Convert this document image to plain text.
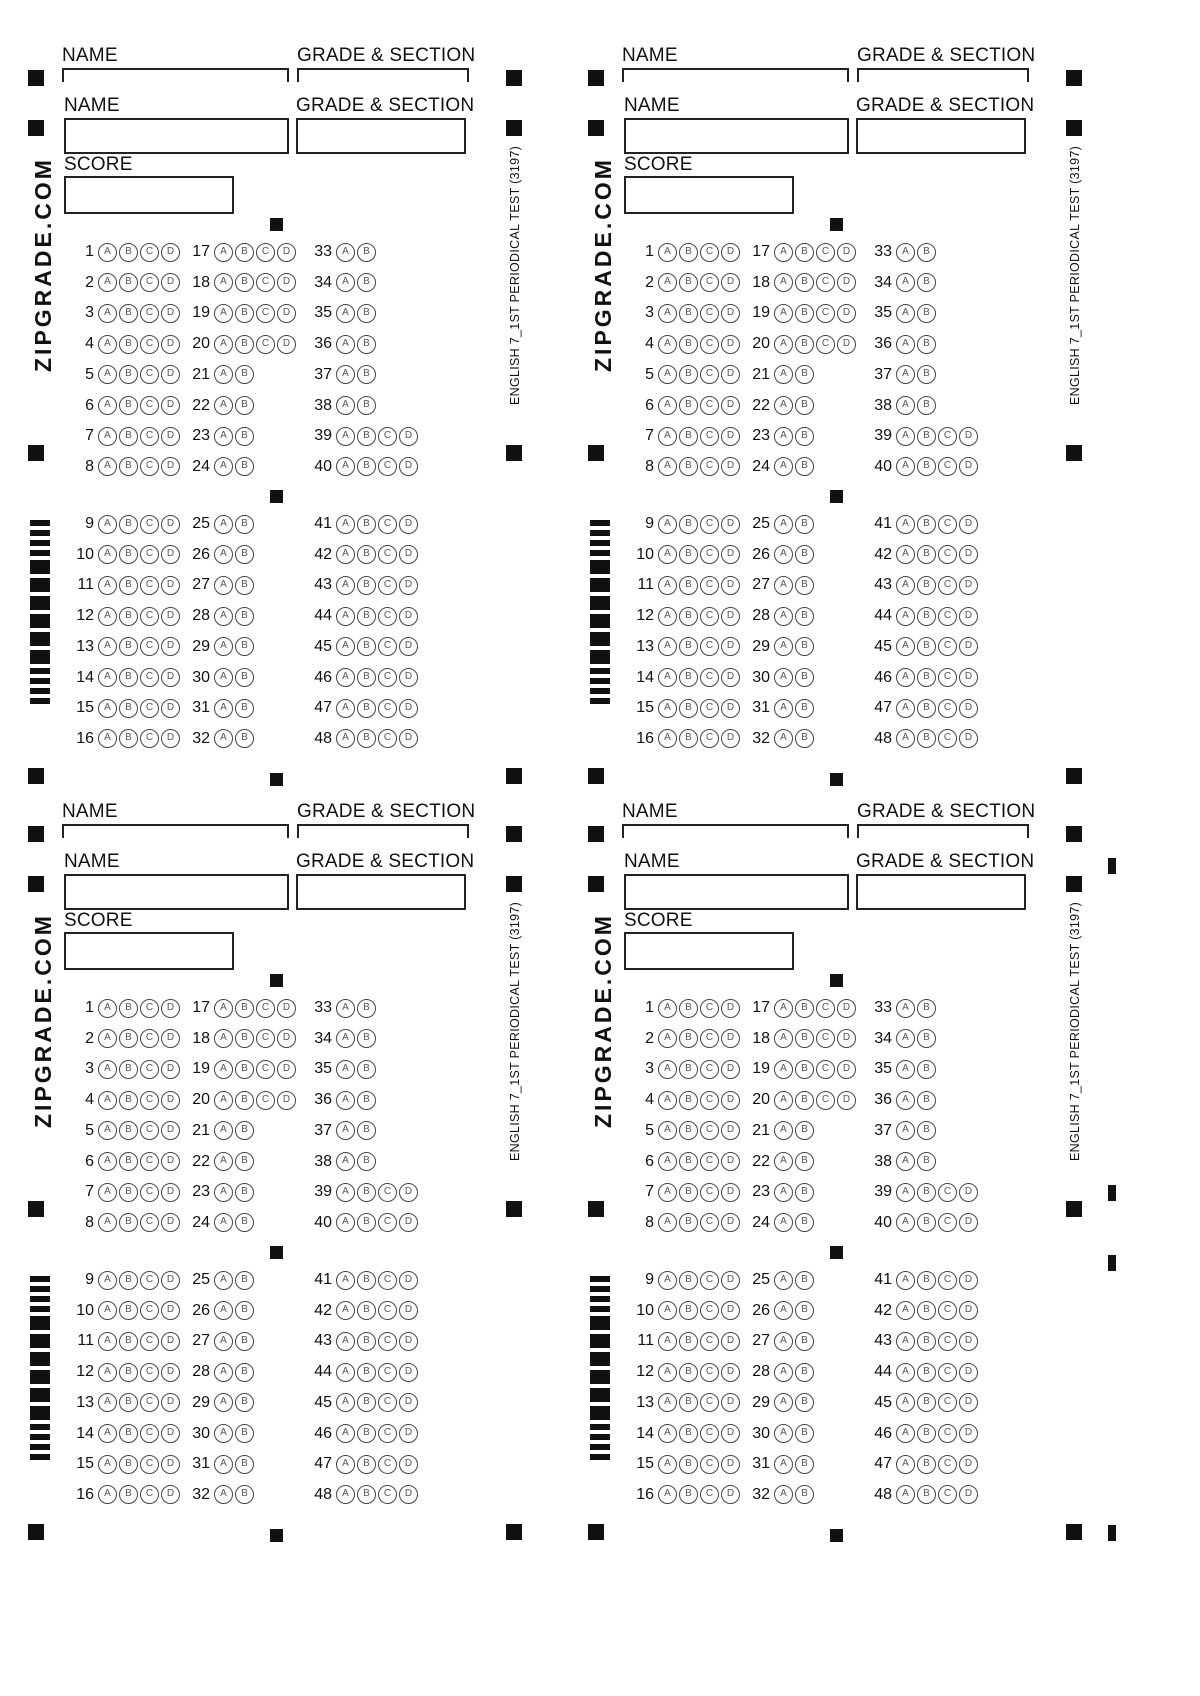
NAME	GRADE & SECTION
NAME	GRADE & SECTION
SCORE
ZIPGRADE.COM	ENGLISH 7_1ST PERIODICAL TEST (3197)
1	A	B	C	D
2	A	B	C	D
3	A	B	C	D
4	A	B	C	D
5	A	B	C	D
6	A	B	C	D
7	A	B	C	D
8	A	B	C	D
17	A	B	C	D
18	A	B	C	D
19	A	B	C	D
20	A	B	C	D
21	A	B
22	A	B
23	A	B
24	A	B
33	A	B
34	A	B
35	A	B
36	A	B
37	A	B
38	A	B
39	A	B	C	D
40	A	B	C	D
9	A	B	C	D
10	A	B	C	D
11	A	B	C	D
12	A	B	C	D
13	A	B	C	D
14	A	B	C	D
15	A	B	C	D
16	A	B	C	D
25	A	B
26	A	B
27	A	B
28	A	B
29	A	B
30	A	B
31	A	B
32	A	B
41	A	B	C	D
42	A	B	C	D
43	A	B	C	D
44	A	B	C	D
45	A	B	C	D
46	A	B	C	D
47	A	B	C	D
48	A	B	C	D
NAME	GRADE & SECTION
NAME	GRADE & SECTION
SCORE
ZIPGRADE.COM	ENGLISH 7_1ST PERIODICAL TEST (3197)
1	A	B	C	D
2	A	B	C	D
3	A	B	C	D
4	A	B	C	D
5	A	B	C	D
6	A	B	C	D
7	A	B	C	D
8	A	B	C	D
17	A	B	C	D
18	A	B	C	D
19	A	B	C	D
20	A	B	C	D
21	A	B
22	A	B
23	A	B
24	A	B
33	A	B
34	A	B
35	A	B
36	A	B
37	A	B
38	A	B
39	A	B	C	D
40	A	B	C	D
9	A	B	C	D
10	A	B	C	D
11	A	B	C	D
12	A	B	C	D
13	A	B	C	D
14	A	B	C	D
15	A	B	C	D
16	A	B	C	D
25	A	B
26	A	B
27	A	B
28	A	B
29	A	B
30	A	B
31	A	B
32	A	B
41	A	B	C	D
42	A	B	C	D
43	A	B	C	D
44	A	B	C	D
45	A	B	C	D
46	A	B	C	D
47	A	B	C	D
48	A	B	C	D
NAME	GRADE & SECTION
NAME	GRADE & SECTION
SCORE
ZIPGRADE.COM	ENGLISH 7_1ST PERIODICAL TEST (3197)
1	A	B	C	D
2	A	B	C	D
3	A	B	C	D
4	A	B	C	D
5	A	B	C	D
6	A	B	C	D
7	A	B	C	D
8	A	B	C	D
17	A	B	C	D
18	A	B	C	D
19	A	B	C	D
20	A	B	C	D
21	A	B
22	A	B
23	A	B
24	A	B
33	A	B
34	A	B
35	A	B
36	A	B
37	A	B
38	A	B
39	A	B	C	D
40	A	B	C	D
9	A	B	C	D
10	A	B	C	D
11	A	B	C	D
12	A	B	C	D
13	A	B	C	D
14	A	B	C	D
15	A	B	C	D
16	A	B	C	D
25	A	B
26	A	B
27	A	B
28	A	B
29	A	B
30	A	B
31	A	B
32	A	B
41	A	B	C	D
42	A	B	C	D
43	A	B	C	D
44	A	B	C	D
45	A	B	C	D
46	A	B	C	D
47	A	B	C	D
48	A	B	C	D
NAME	GRADE & SECTION
NAME	GRADE & SECTION
SCORE
ZIPGRADE.COM	ENGLISH 7_1ST PERIODICAL TEST (3197)
1	A	B	C	D
2	A	B	C	D
3	A	B	C	D
4	A	B	C	D
5	A	B	C	D
6	A	B	C	D
7	A	B	C	D
8	A	B	C	D
17	A	B	C	D
18	A	B	C	D
19	A	B	C	D
20	A	B	C	D
21	A	B
22	A	B
23	A	B
24	A	B
33	A	B
34	A	B
35	A	B
36	A	B
37	A	B
38	A	B
39	A	B	C	D
40	A	B	C	D
9	A	B	C	D
10	A	B	C	D
11	A	B	C	D
12	A	B	C	D
13	A	B	C	D
14	A	B	C	D
15	A	B	C	D
16	A	B	C	D
25	A	B
26	A	B
27	A	B
28	A	B
29	A	B
30	A	B
31	A	B
32	A	B
41	A	B	C	D
42	A	B	C	D
43	A	B	C	D
44	A	B	C	D
45	A	B	C	D
46	A	B	C	D
47	A	B	C	D
48	A	B	C	D
